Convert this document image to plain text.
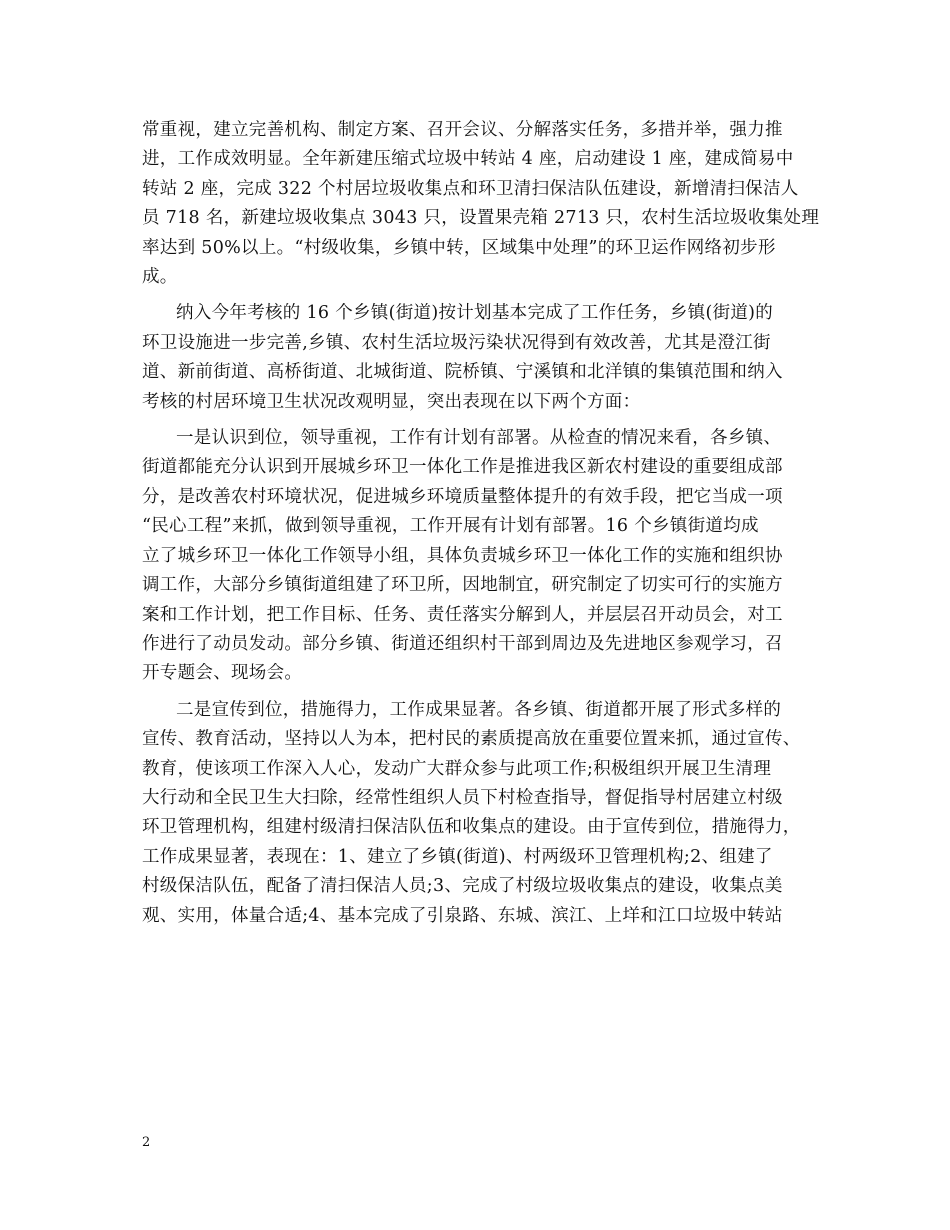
常重视，建立完善机构、制定方案、召开会议、分解落实任务，多措并举，强力推
进，工作成效明显。全年新建压缩式垃圾中转站 4 座，启动建设 1 座，建成简易中
转站 2 座，完成 322 个村居垃圾收集点和环卫清扫保洁队伍建设，新增清扫保洁人
员 718 名，新建垃圾收集点 3043 只，设置果壳箱 2713 只，农村生活垃圾收集处理
率达到 50%以上。“村级收集，乡镇中转，区域集中处理”的环卫运作网络初步形
成。

纳入今年考核的 16 个乡镇(街道)按计划基本完成了工作任务，乡镇(街道)的
环卫设施进一步完善,乡镇、农村生活垃圾污染状况得到有效改善，尤其是澄江街
道、新前街道、高桥街道、北城街道、院桥镇、宁溪镇和北洋镇的集镇范围和纳入
考核的村居环境卫生状况改观明显，突出表现在以下两个方面：

一是认识到位，领导重视，工作有计划有部署。从检查的情况来看，各乡镇、
街道都能充分认识到开展城乡环卫一体化工作是推进我区新农村建设的重要组成部
分，是改善农村环境状况，促进城乡环境质量整体提升的有效手段，把它当成一项
“民心工程”来抓，做到领导重视，工作开展有计划有部署。16 个乡镇街道均成
立了城乡环卫一体化工作领导小组，具体负责城乡环卫一体化工作的实施和组织协
调工作，大部分乡镇街道组建了环卫所，因地制宜，研究制定了切实可行的实施方
案和工作计划，把工作目标、任务、责任落实分解到人，并层层召开动员会，对工
作进行了动员发动。部分乡镇、街道还组织村干部到周边及先进地区参观学习，召
开专题会、现场会。

二是宣传到位，措施得力，工作成果显著。各乡镇、街道都开展了形式多样的
宣传、教育活动，坚持以人为本，把村民的素质提高放在重要位置来抓，通过宣传、
教育，使该项工作深入人心，发动广大群众参与此项工作;积极组织开展卫生清理
大行动和全民卫生大扫除，经常性组织人员下村检查指导，督促指导村居建立村级
环卫管理机构，组建村级清扫保洁队伍和收集点的建设。由于宣传到位，措施得力，
工作成果显著，表现在：1、建立了乡镇(街道)、村两级环卫管理机构;2、组建了
村级保洁队伍，配备了清扫保洁人员;3、完成了村级垃圾收集点的建设，收集点美
观、实用，体量合适;4、基本完成了引泉路、东城、滨江、上垟和江口垃圾中转站

2
